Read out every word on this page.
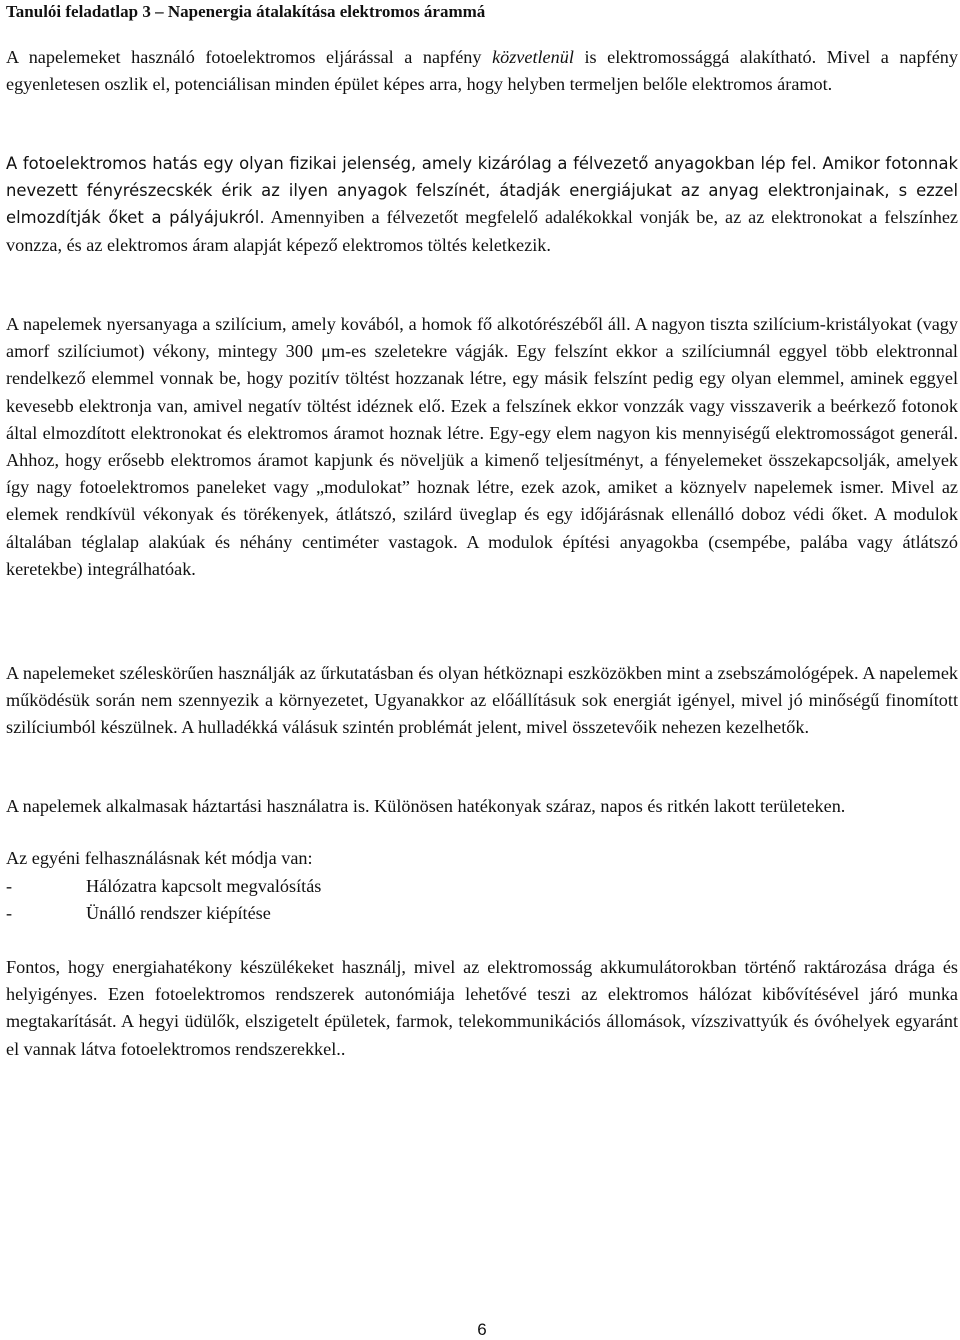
Tanulói feladatlap 3 – Napenergia átalakítása elektromos árammá

A napelemeket használó fotoelektromos eljárással a napfény közvetlenül is elektromossággá alakítható. Mivel a napfény egyenletesen oszlik el, potenciálisan minden épület képes arra, hogy helyben termeljen belőle elektromos áramot.

A fotoelektromos hatás egy olyan fizikai jelenség, amely kizárólag a félvezető anyagokban lép fel. Amikor fotonnak nevezett fényrészecskék érik az ilyen anyagok felszínét, átadják energiájukat az anyag elektronjainak, s ezzel elmozdítják őket a pályájukról. Amennyiben a félvezetőt megfelelő adalékokkal vonják be, az az elektronokat a felszínhez vonzza, és az elektromos áram alapját képező elektromos töltés keletkezik.

A napelemek nyersanyaga a szilícium, amely kovából, a homok fő alkotórészéből áll. A nagyon tiszta szilícium-kristályokat (vagy amorf szilíciumot) vékony, mintegy 300 μm-es szeletekre vágják. Egy felszínt ekkor a szilíciumnál eggyel több elektronnal rendelkező elemmel vonnak be, hogy pozitív töltést hozzanak létre, egy másik felszínt pedig egy olyan elemmel, aminek eggyel kevesebb elektronja van, amivel negatív töltést idéznek elő. Ezek a felszínek ekkor vonzzák vagy visszaverik a beérkező fotonok által elmozdított elektronokat és elektromos áramot hoznak létre. Egy-egy elem nagyon kis mennyiségű elektromosságot generál. Ahhoz, hogy erősebb elektromos áramot kapjunk és növeljük a kimenő teljesítményt, a fényelemeket összekapcsolják, amelyek így nagy fotoelektromos paneleket vagy „modulokat” hoznak létre, ezek azok, amiket a köznyelv napelemek ismer. Mivel az elemek rendkívül vékonyak és törékenyek, átlátszó, szilárd üveglap és egy időjárásnak ellenálló doboz védi őket. A modulok általában téglalap alakúak és néhány centiméter vastagok. A modulok építési anyagokba (csempébe, palába vagy átlátszó keretekbe) integrálhatóak.

A napelemeket széleskörűen használják az űrkutatásban és olyan hétköznapi eszközökben mint a zsebszámológépek. A napelemek működésük során nem szennyezik a környezetet, Ugyanakkor az előállításuk sok energiát igényel, mivel jó minőségű finomított szilíciumból készülnek. A hulladékká válásuk szintén problémát jelent, mivel összetevőik nehezen kezelhetők.

A napelemek alkalmasak háztartási használatra is. Különösen hatékonyak száraz, napos és ritkén lakott területeken.

Az egyéni felhasználásnak két módja van:
-	Hálózatra kapcsolt megvalósítás
-	Ünálló rendszer kiépítése

Fontos, hogy energiahatékony készülékeket használj, mivel az elektromosság akkumulátorokban történő raktározása drága és helyigényes. Ezen fotoelektromos rendszerek autonómiája lehetővé teszi az elektromos hálózat kibővítésével járó munka megtakarítását. A hegyi üdülők, elszigetelt épületek, farmok, telekommunikációs állomások, vízszivattyúk és óvóhelyek egyaránt el vannak látva fotoelektromos rendszerekkel..

6
